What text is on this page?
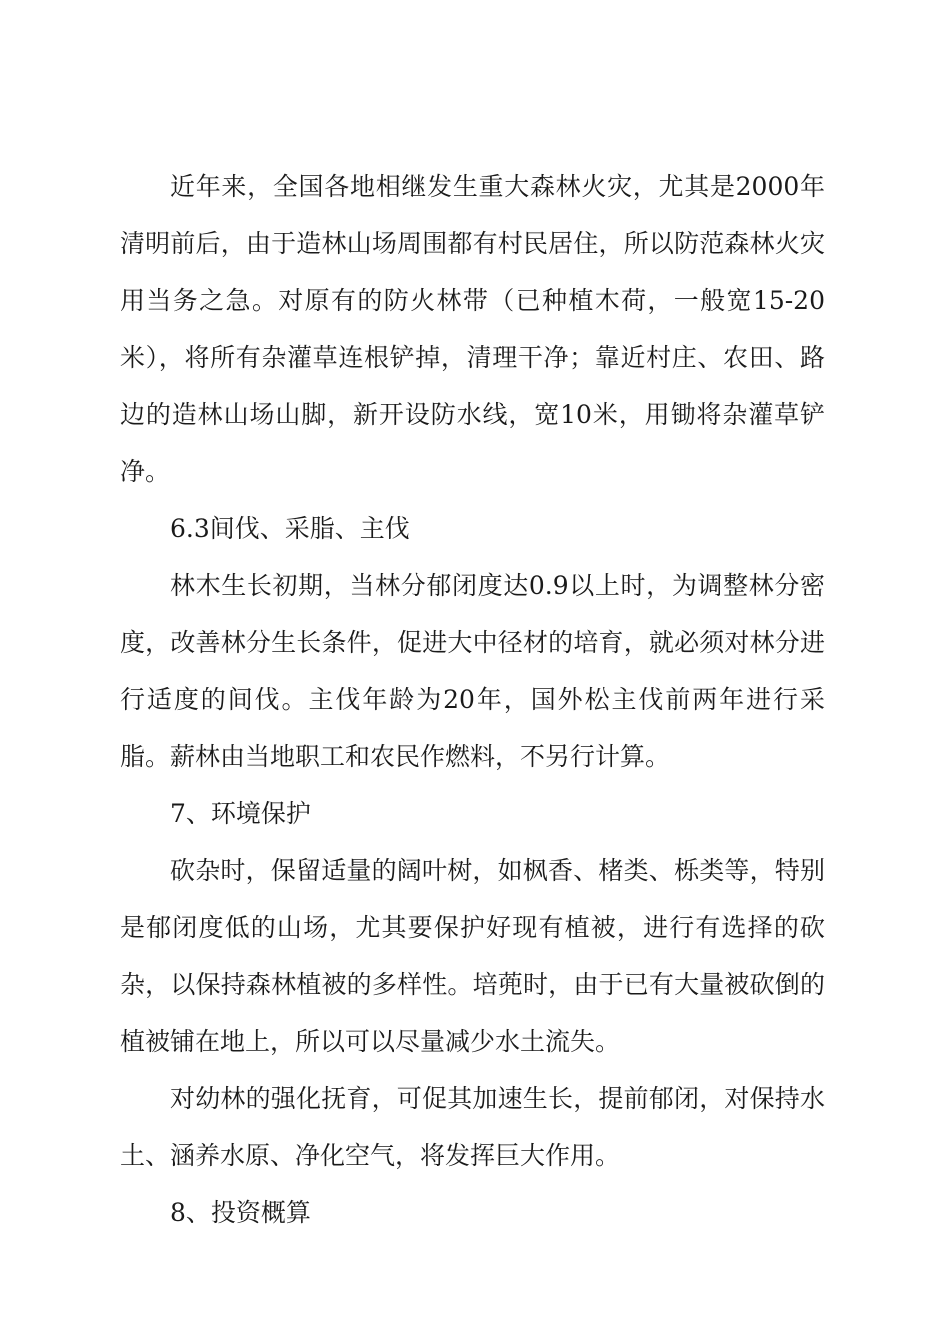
近年来，全国各地相继发生重大森林火灾，尤其是2000年清明前后，由于造林山场周围都有村民居住，所以防范森林火灾用当务之急。对原有的防火林带（已种植木荷，一般宽15-20米），将所有杂灌草连根铲掉，清理干净；靠近村庄、农田、路边的造林山场山脚，新开设防水线，宽10米，用锄将杂灌草铲净。

6.3间伐、采脂、主伐

林木生长初期，当林分郁闭度达0.9以上时，为调整林分密度，改善林分生长条件，促进大中径材的培育，就必须对林分进行适度的间伐。主伐年龄为20年，国外松主伐前两年进行采脂。薪林由当地职工和农民作燃料，不另行计算。

7、环境保护

砍杂时，保留适量的阔叶树，如枫香、楮类、栎类等，特别是郁闭度低的山场，尤其要保护好现有植被，进行有选择的砍杂，以保持森林植被的多样性。培蔸时，由于已有大量被砍倒的植被铺在地上，所以可以尽量减少水土流失。

对幼林的强化抚育，可促其加速生长，提前郁闭，对保持水土、涵养水原、净化空气，将发挥巨大作用。

8、投资概算
